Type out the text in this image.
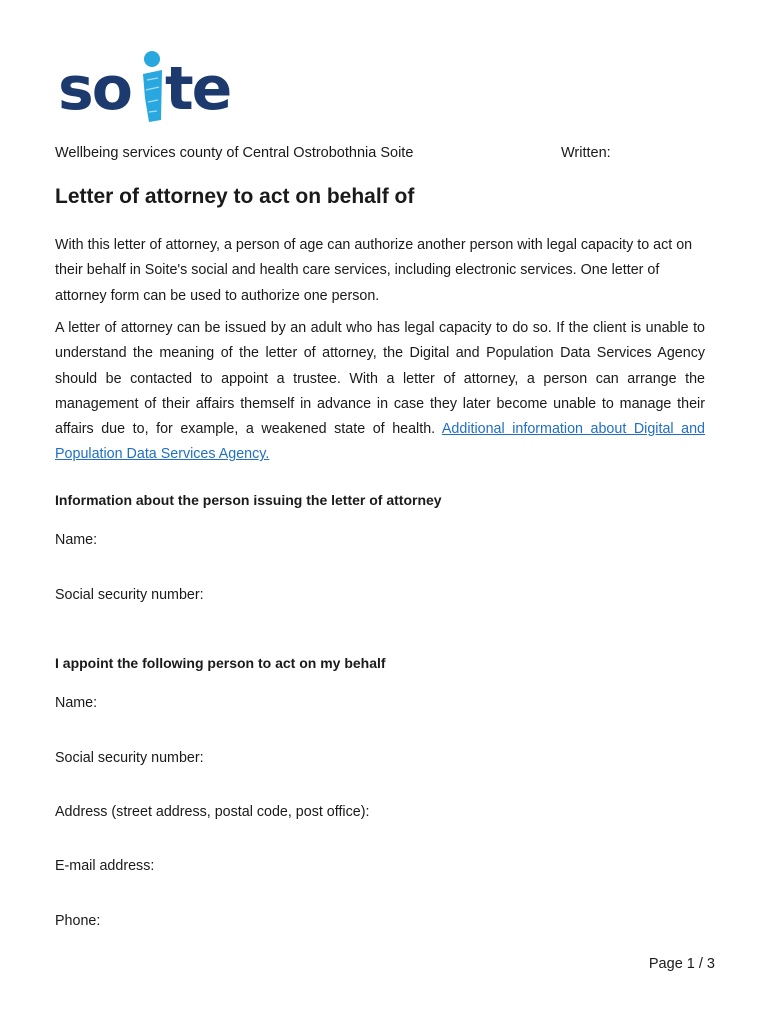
so te
Wellbeing services county of Central Ostrobothnia Soite	Written:
Letter of attorney to act on behalf of

With this letter of attorney, a person of age can authorize another person with legal capacity to act on their behalf in Soite's social and health care services, including electronic services. One letter of attorney form can be used to authorize one person.

A letter of attorney can be issued by an adult who has legal capacity to do so. If the client is unable to understand the meaning of the letter of attorney, the Digital and Population Data Services Agency should be contacted to appoint a trustee. With a letter of attorney, a person can arrange the management of their affairs themself in advance in case they later become unable to manage their affairs due to, for example, a weakened state of health. Additional information about Digital and Population Data Services Agency.

Information about the person issuing the letter of attorney
Name:
Social security number:
I appoint the following person to act on my behalf
Name:
Social security number:
Address (street address, postal code, post office):
E-mail address:
Phone:
Page 1 / 3
